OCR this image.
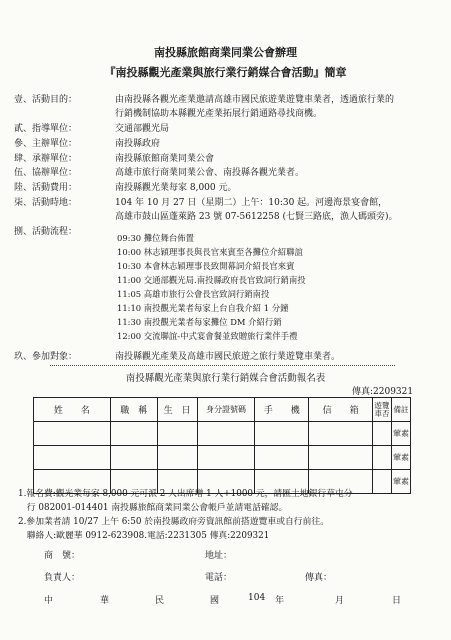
南投縣旅館商業同業公會辦理
『南投縣觀光產業與旅行業行銷媒合會活動』簡章
壹、活動目的：	由南投縣各觀光產業邀請高雄市國民旅遊業遊覽車業者，透過旅行業的
行銷機制協助本縣觀光產業拓展行銷通路尋找商機。
貳、指導單位：	交通部觀光局
參、主辦單位：	南投縣政府
肆、承辦單位：	南投縣旅館商業同業公會
伍、協辦單位：	高雄市旅行商業同業公會、南投縣各觀光業者。
陸、活動費用：	南投縣觀光業每家 8,000 元。
柒、活動時地：	104 年 10 月 27 日（星期二）上午：10:30 起。河邊海景宴會館，
高雄市鼓山區蓬萊路 23 號 07-5612258 (七賢三路底，漁人碼頭旁)。
捌、活動流程：
09:30 攤位舞台佈置
10:00 林志穎理事長與長官來賓至各攤位介紹聯誼
10:30 本會林志穎理事長致開幕詞介紹長官來賓
11:00 交通部觀光局.南投縣政府長官致詞行銷南投
11:05 高雄市旅行公會長官致詞行銷南投
11:10 南投觀光業者每家上台自我介紹 1 分鐘
11:30 南投觀光業者每家攤位 DM 介紹行銷
12:00 交流聯誼-中式宴會餐並致贈旅行業伴手禮
玖、參加對象：	南投縣觀光產業及高雄市國民旅遊之旅行業遊覽車業者。
南投縣觀光產業與旅行業行銷媒合會活動報名表
傳真:2209321
姓　　名	職　稱	生　日	身分證號碼	手　　機	信　　箱	遊覽車否	備註
							葷素
							葷素
							葷素
1.報名費:觀光業每家 8,000 元可派 2 人出席增 1 人+1000 元，請匯土地銀行草屯分
　行 082001-014401 南投縣旅館商業同業公會帳戶並請電話確認。
2.參加業者請 10/27 上午 6:50 於南投縣政府旁資訊館前搭遊覽車或自行前往。
　聯絡人:歐麗華 0912-623908.電話:2231305 傳真:2209321
商　號：	地址：
負責人：	電話：	傳真：
中	華	民	國	104 年	月	日
